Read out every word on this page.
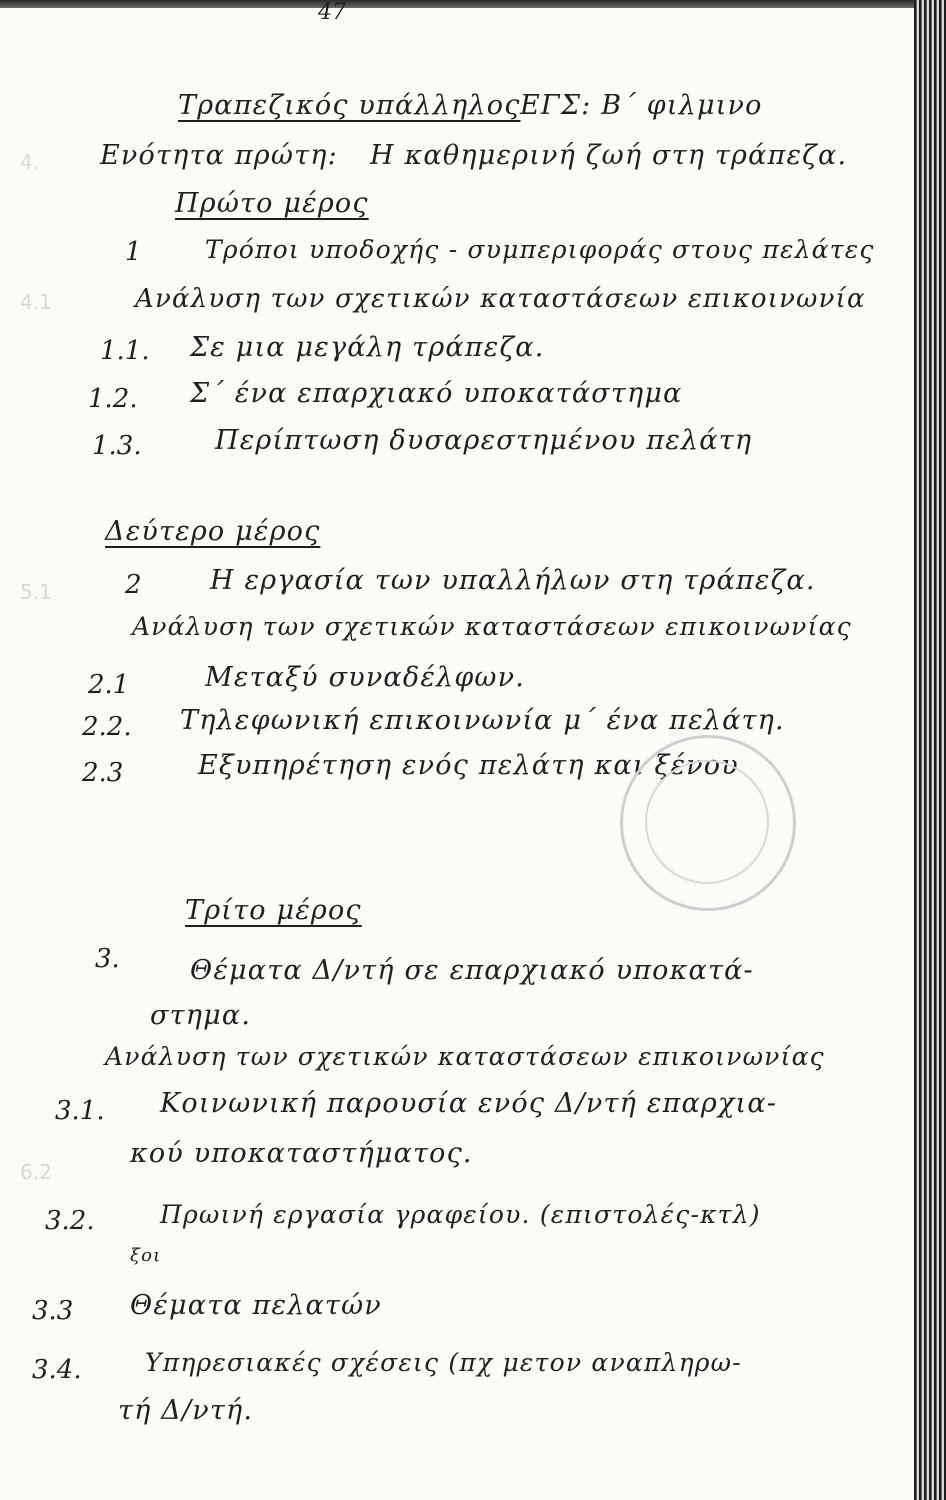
47
4.
4.1
5.1
6.2
Τραπεζικός υπάλληλος ΕΓΣ: Β΄ φιλμινο
Ενότητα πρώτη: Η καθημερινή ζωή στη τράπεζα.
Πρώτο μέρος
1	Τρόποι υποδοχής - συμπεριφοράς στους πελάτες
Ανάλυση των σχετικών καταστάσεων επικοινωνία
1.1. Σε μια μεγάλη τράπεζα.
1.2. Σ΄ ένα επαρχιακό υποκατάστημα
1.3.	Περίπτωση δυσαρεστημένου πελάτη
Δεύτερο μέρος
2	Η εργασία των υπαλλήλων στη τράπεζα.
Ανάλυση των σχετικών καταστάσεων επικοινωνίας
2.1	Μεταξύ συναδέλφων.
2.2. Τηλεφωνική επικοινωνία μ΄ ένα πελάτη.
2.3	Εξυπηρέτηση ενός πελάτη και ξένου
Τρίτο μέρος
3.	Θέματα Δ/ντή σε επαρχιακό υποκατά-
στημα.
Ανάλυση των σχετικών καταστάσεων επικοινωνίας
3.1. Κοινωνική παρουσία ενός Δ/ντή επαρχια-
κού υποκαταστήματος.
3.2.	Πρωινή εργασία γραφείου. (επιστολές-κτλ)
ξοι
3.3 Θέματα πελατών
3.4.	Υπηρεσιακές σχέσεις (πχ μετον αναπληρω-
τή Δ/ντή.
